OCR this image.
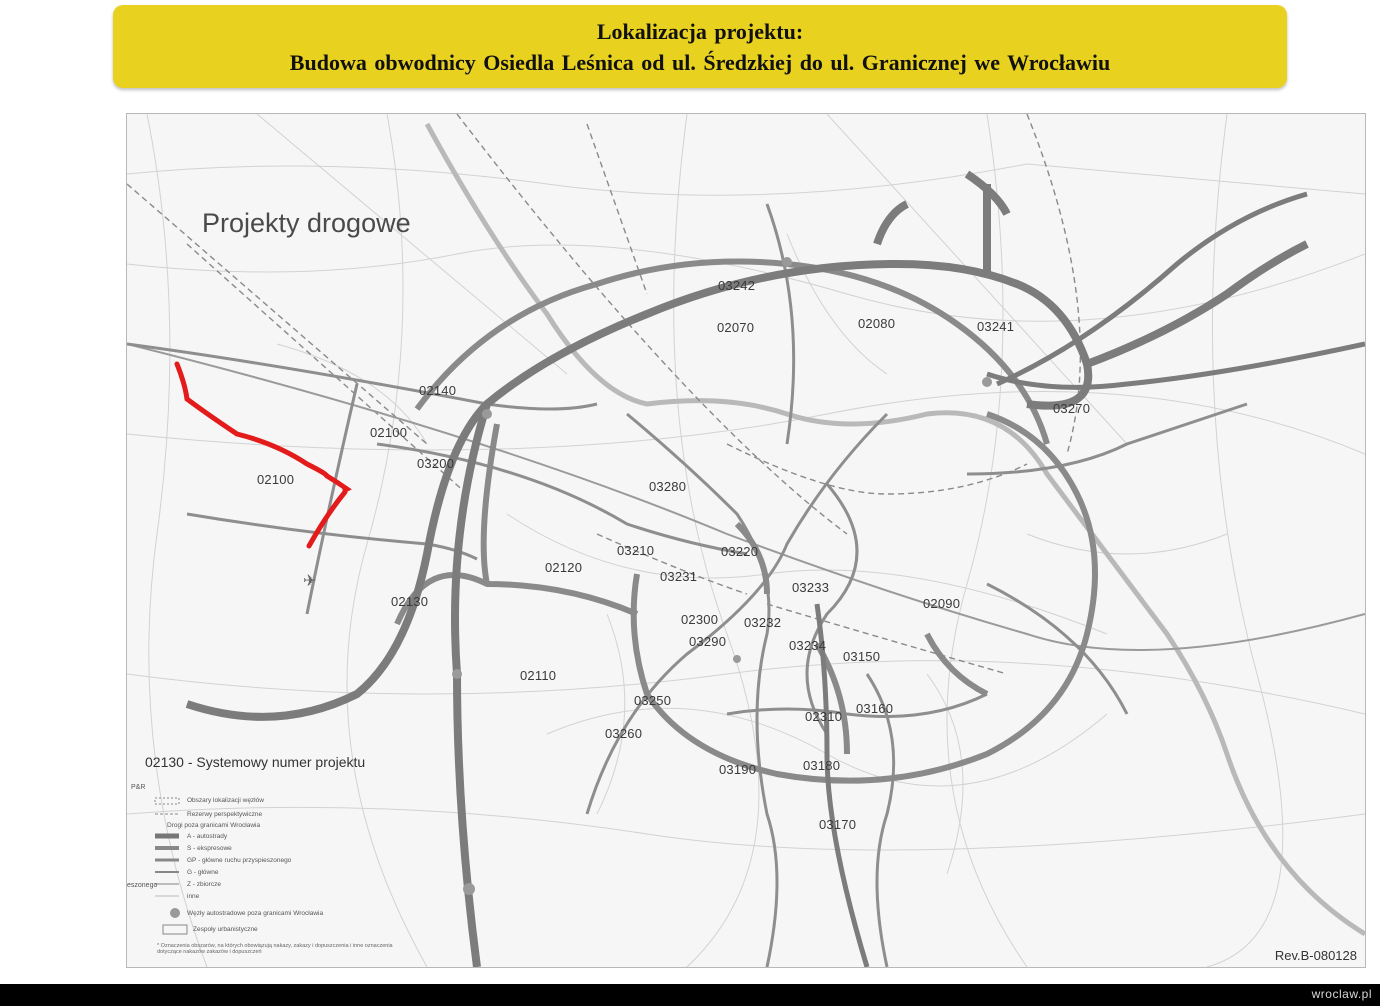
Lokalizacja projektu:
Budowa obwodnicy Osiedla Leśnica od ul. Średzkiej do ul. Granicznej we Wrocławiu
✈
Projekty drogowe
03242
02070	02080	03241
02140
02100
02100
03200
03270
03280
03210	03220
02120
03231
03233
02130	02090
02300 03232
03290	03234
03150
02110
03250
03260
02310
03160
03190	03180
03170
02130 - Systemowy numer projektu
P&R
eszonego
Obszary lokalizacji węzłów
Rezerwy perspektywiczne
Drogi poza granicami Wrocławia
A - autostrady
S - ekspresowe
GP - główne ruchu przyspieszonego
G - główne
Z - zbiorcze
inne
Węzły autostradowe poza granicami Wrocławia
Zespoły urbanistyczne
* Oznaczenia obszarów, na których obowiązują nakazy, zakazy i dopuszczenia i inne oznaczenia dotyczące nakazów zakazów i dopuszczeń	Rev.B-080128
wroclaw.pl
